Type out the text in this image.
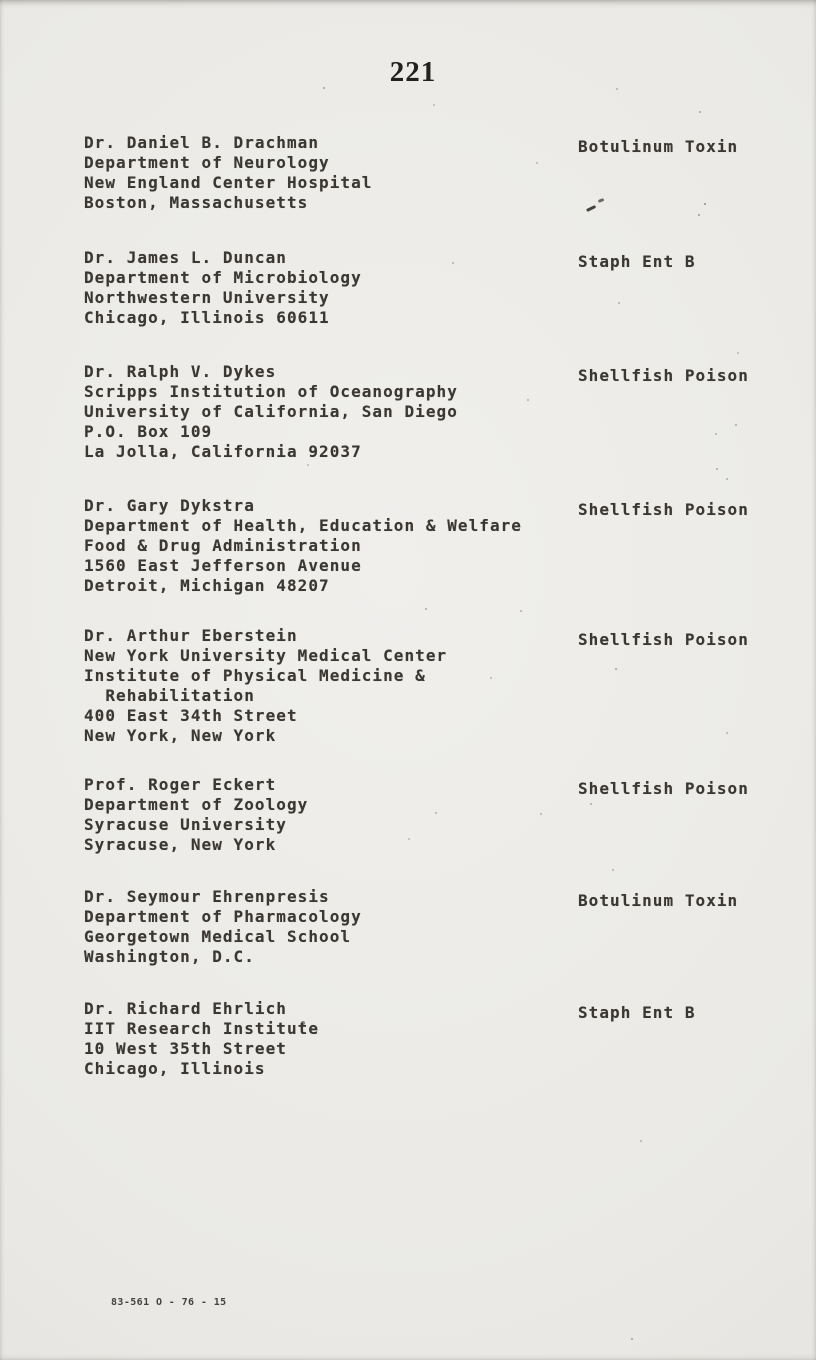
221
Dr. Daniel B. Drachman
Department of Neurology
New England Center Hospital
Boston, Massachusetts
Botulinum Toxin
Dr. James L. Duncan
Department of Microbiology
Northwestern University
Chicago, Illinois 60611
Staph Ent B
Dr. Ralph V. Dykes
Scripps Institution of Oceanography
University of California, San Diego
P.O. Box 109
La Jolla, California 92037
Shellfish Poison
Dr. Gary Dykstra
Department of Health, Education & Welfare
Food & Drug Administration
1560 East Jefferson Avenue
Detroit, Michigan 48207
Shellfish Poison
Dr. Arthur Eberstein
New York University Medical Center
Institute of Physical Medicine &
Rehabilitation
400 East 34th Street
New York, New York
Shellfish Poison
Prof. Roger Eckert
Department of Zoology
Syracuse University
Syracuse, New York
Shellfish Poison
Dr. Seymour Ehrenpresis
Department of Pharmacology
Georgetown Medical School
Washington, D.C.
Botulinum Toxin
Dr. Richard Ehrlich
IIT Research Institute
10 West 35th Street
Chicago, Illinois
Staph Ent B
83-561 O - 76 - 15
